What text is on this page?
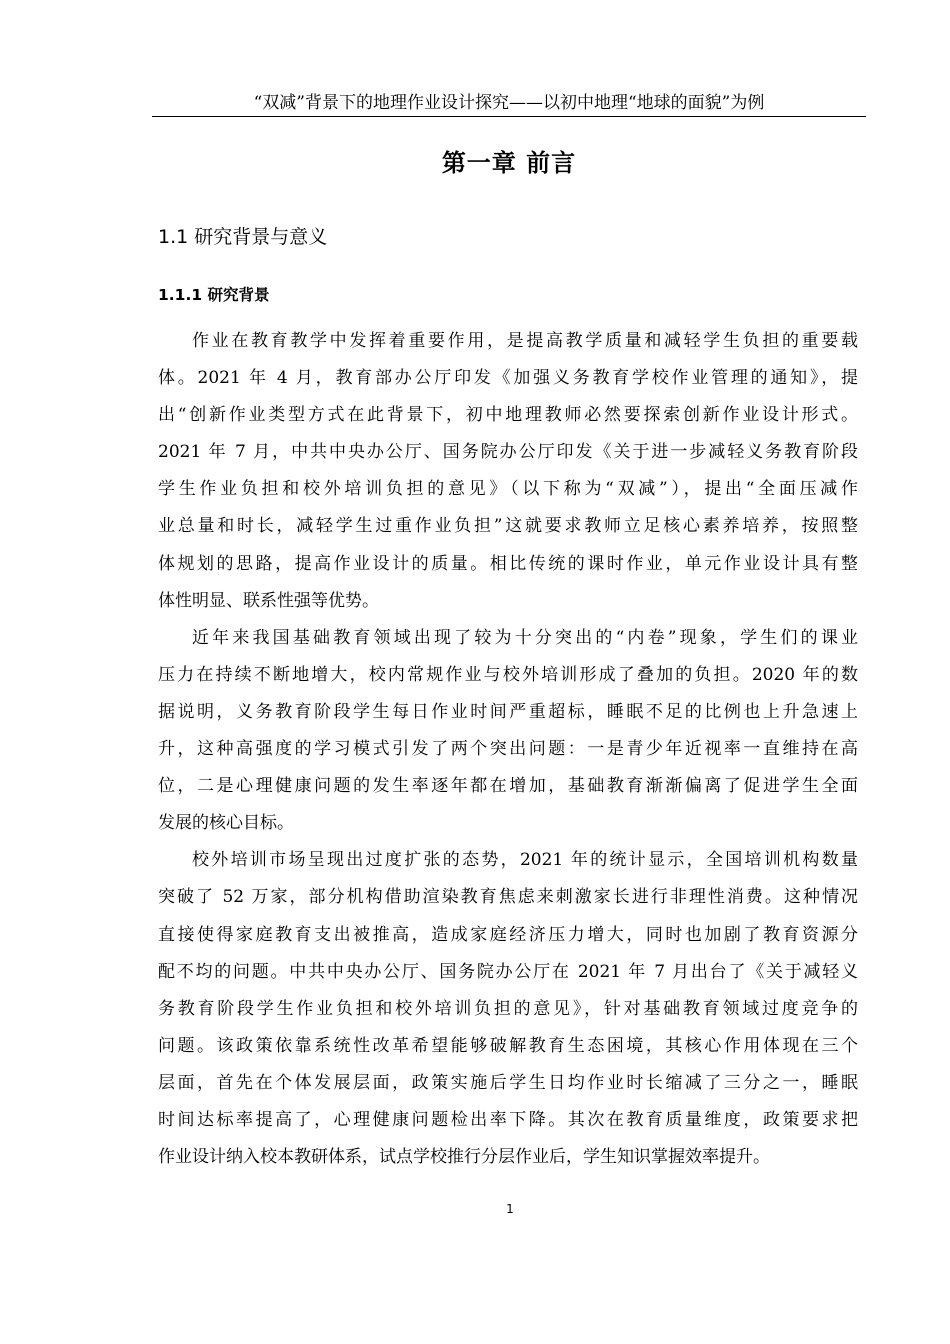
“双减”背景下的地理作业设计探究——以初中地理“地球的面貌”为例
第一章 前言
1.1 研究背景与意义
1.1.1 研究背景

作业在教育教学中发挥着重要作用，是提高教学质量和减轻学生负担的重要载
体。2021 年 4 月，教育部办公厅印发《加强义务教育学校作业管理的通知》，提
出“创新作业类型方式在此背景下，初中地理教师必然要探索创新作业设计形式。
2021 年 7 月，中共中央办公厅、国务院办公厅印发《关于进一步减轻义务教育阶段
学生作业负担和校外培训负担的意见》（以下称为“双减”），提出“全面压减作
业总量和时长，减轻学生过重作业负担”这就要求教师立足核心素养培养，按照整
体规划的思路，提高作业设计的质量。相比传统的课时作业，单元作业设计具有整
体性明显、联系性强等优势。

近年来我国基础教育领域出现了较为十分突出的“内卷”现象，学生们的课业
压力在持续不断地增大，校内常规作业与校外培训形成了叠加的负担。2020 年的数
据说明，义务教育阶段学生每日作业时间严重超标，睡眠不足的比例也上升急速上
升，这种高强度的学习模式引发了两个突出问题：一是青少年近视率一直维持在高
位，二是心理健康问题的发生率逐年都在增加，基础教育渐渐偏离了促进学生全面
发展的核心目标。

校外培训市场呈现出过度扩张的态势，2021 年的统计显示，全国培训机构数量
突破了 52 万家，部分机构借助渲染教育焦虑来刺激家长进行非理性消费。这种情况
直接使得家庭教育支出被推高，造成家庭经济压力增大，同时也加剧了教育资源分
配不均的问题。中共中央办公厅、国务院办公厅在 2021 年 7 月出台了《关于减轻义
务教育阶段学生作业负担和校外培训负担的意见》，针对基础教育领域过度竞争的
问题。该政策依靠系统性改革希望能够破解教育生态困境，其核心作用体现在三个
层面，首先在个体发展层面，政策实施后学生日均作业时长缩减了三分之一，睡眠
时间达标率提高了，心理健康问题检出率下降。其次在教育质量维度，政策要求把
作业设计纳入校本教研体系，试点学校推行分层作业后，学生知识掌握效率提升。

1
